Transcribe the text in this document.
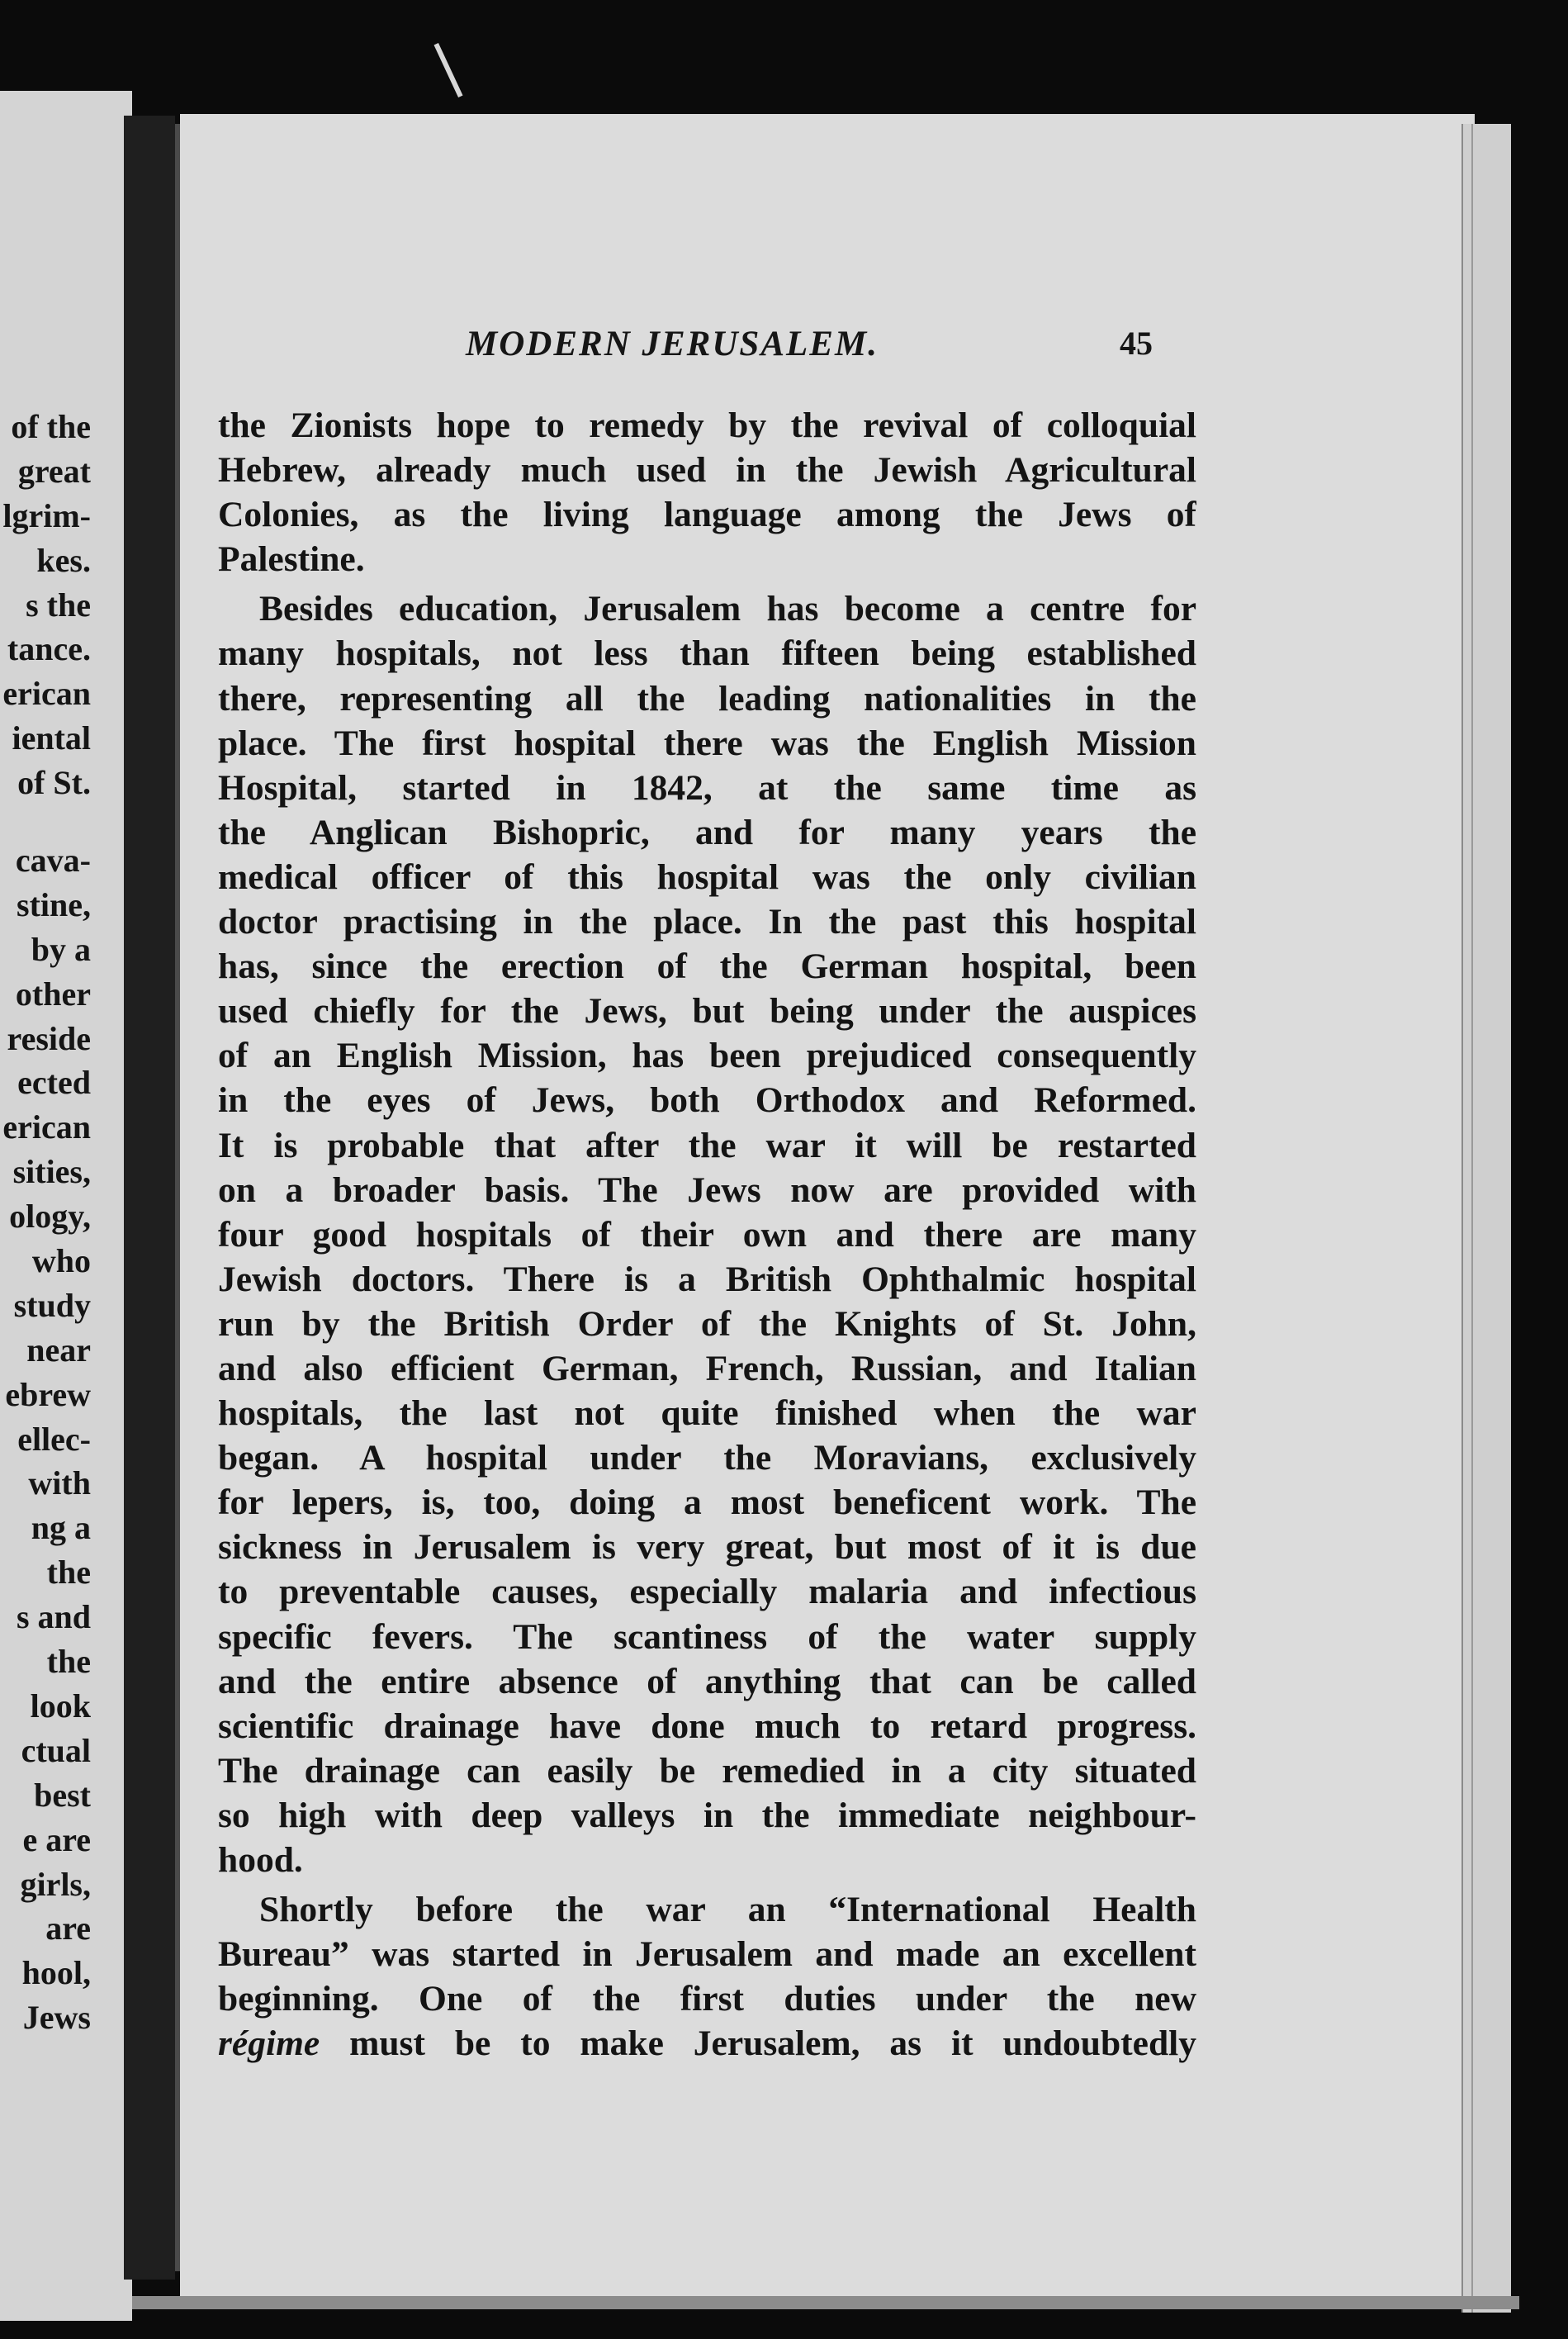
of the
great
lgrim-
kes.
s the
tance.
erican
iental
of St.
cava-
stine,
by a
other
reside
ected
erican
sities,
ology,
who
study
near
ebrew
ellec-
with
ng a
the
s and
the
look
ctual
best
e are
girls,
are
hool,
Jews
MODERN JERUSALEM.	45
the Zionists hope to remedy by the revival of colloquial
Hebrew, already much used in the Jewish Agricultural
Colonies, as the living language among the Jews of
Palestine.
Besides education, Jerusalem has become a centre for
many hospitals, not less than fifteen being established
there, representing all the leading nationalities in the
place. The first hospital there was the English Mission
Hospital, started in 1842, at the same time as
the Anglican Bishopric, and for many years the
medical officer of this hospital was the only civilian
doctor practising in the place. In the past this hospital
has, since the erection of the German hospital, been
used chiefly for the Jews, but being under the auspices
of an English Mission, has been prejudiced consequently
in the eyes of Jews, both Orthodox and Reformed.
It is probable that after the war it will be restarted
on a broader basis. The Jews now are provided with
four good hospitals of their own and there are many
Jewish doctors. There is a British Ophthalmic hospital
run by the British Order of the Knights of St. John,
and also efficient German, French, Russian, and Italian
hospitals, the last not quite finished when the war
began. A hospital under the Moravians, exclusively
for lepers, is, too, doing a most beneficent work. The
sickness in Jerusalem is very great, but most of it is due
to preventable causes, especially malaria and infectious
specific fevers. The scantiness of the water supply
and the entire absence of anything that can be called
scientific drainage have done much to retard progress.
The drainage can easily be remedied in a city situated
so high with deep valleys in the immediate neighbour-
hood.
Shortly before the war an “International Health
Bureau” was started in Jerusalem and made an excellent
beginning. One of the first duties under the new
régime must be to make Jerusalem, as it undoubtedly
